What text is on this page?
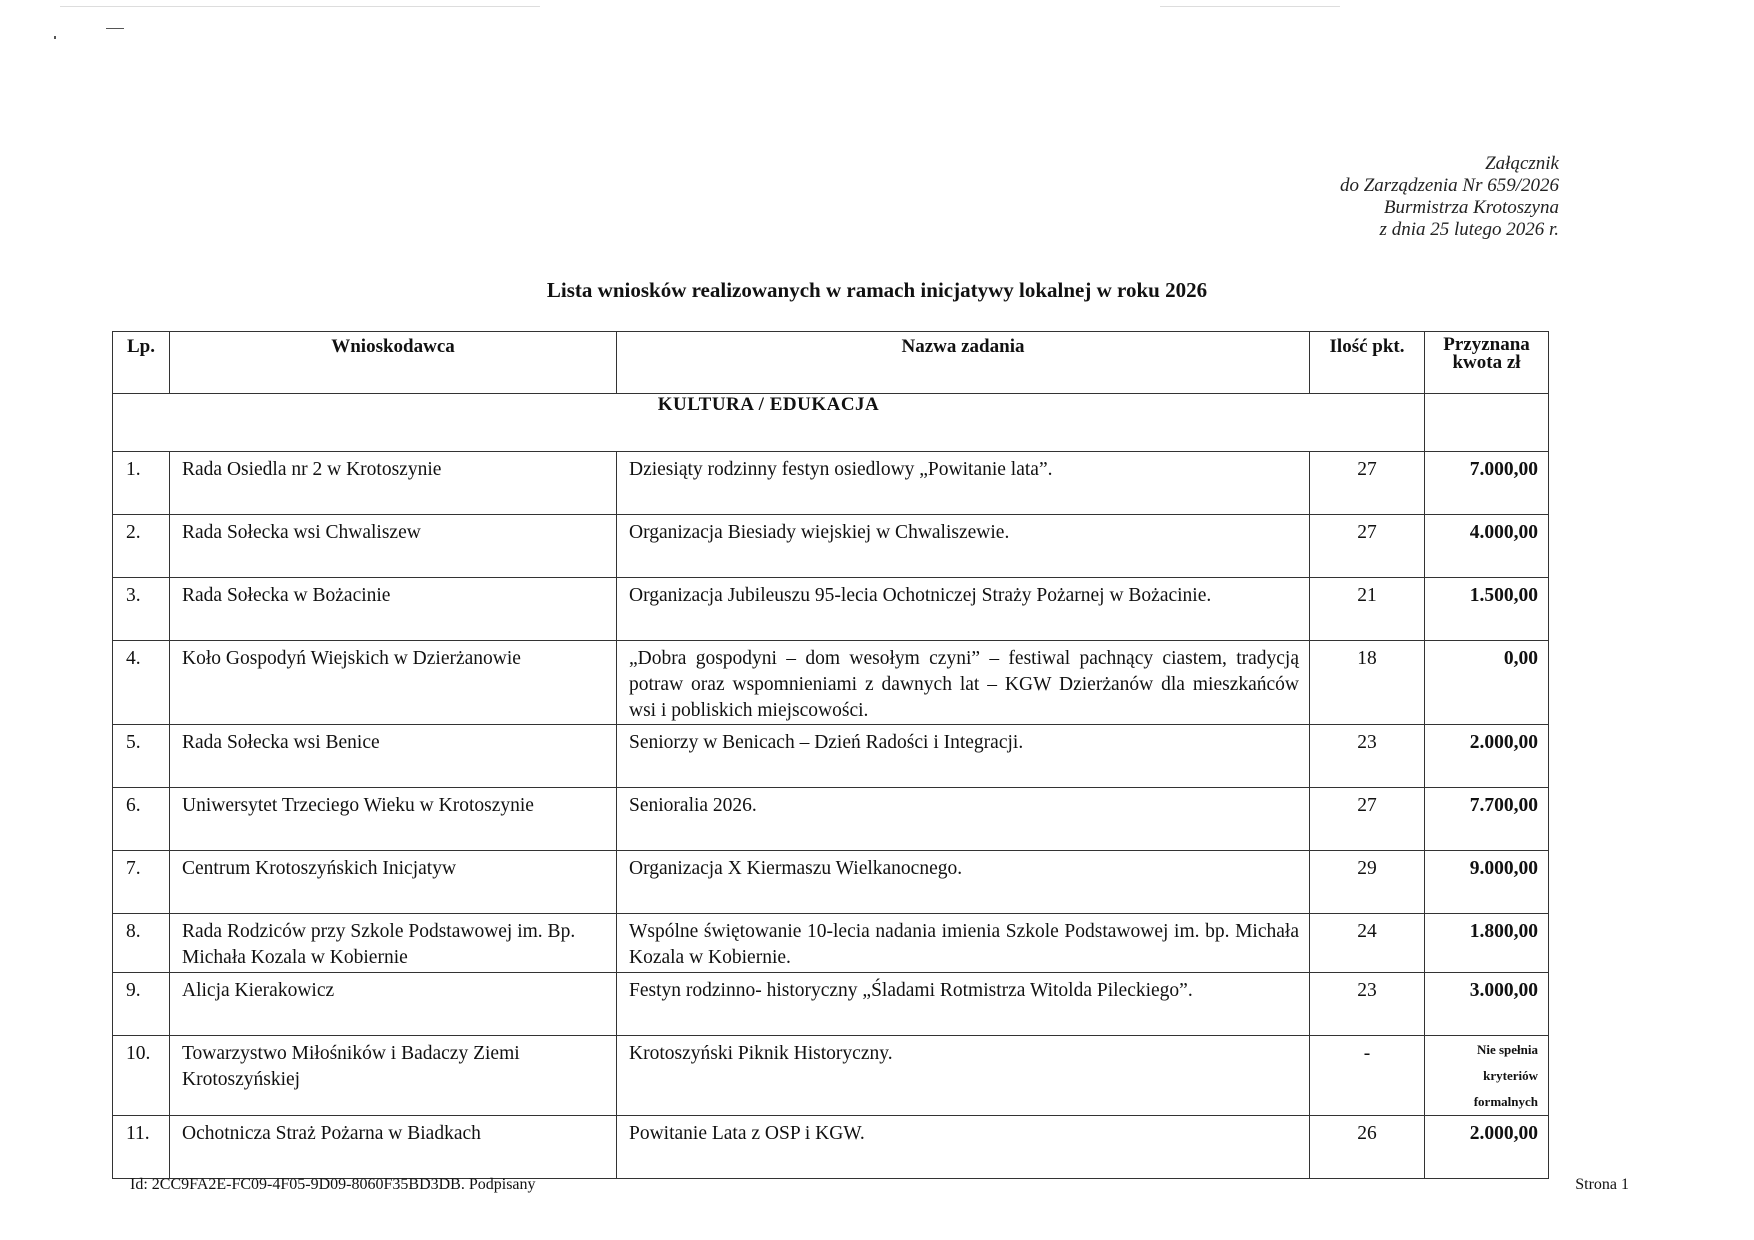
Załącznik
do Zarządzenia Nr 659/2026
Burmistrza Krotoszyna
z dnia 25 lutego 2026 r.
Lista wniosków realizowanych w ramach inicjatywy lokalnej w roku 2026
Lp.	Wnioskodawca	Nazwa zadania	Ilość pkt.	Przyznana kwota zł
KULTURA / EDUKACJA				
1.	Rada Osiedla nr 2 w Krotoszynie	Dziesiąty rodzinny festyn osiedlowy „Powitanie lata”.	27	7.000,00
2.	Rada Sołecka wsi Chwaliszew	Organizacja Biesiady wiejskiej w Chwaliszewie.	27	4.000,00
3.	Rada Sołecka w Bożacinie	Organizacja Jubileuszu 95-lecia Ochotniczej Straży Pożarnej w Bożacinie.	21	1.500,00
4.	Koło Gospodyń Wiejskich w Dzierżanowie	„Dobra gospodyni – dom wesołym czyni” – festiwal pachnący ciastem, tradycją potraw oraz wspomnieniami z dawnych lat – KGW Dzierżanów dla mieszkańców wsi i pobliskich miejscowości.	18	0,00
5.	Rada Sołecka wsi Benice	Seniorzy w Benicach – Dzień Radości i Integracji.	23	2.000,00
6.	Uniwersytet Trzeciego Wieku w Krotoszynie	Senioralia 2026.	27	7.700,00
7.	Centrum Krotoszyńskich Inicjatyw	Organizacja X Kiermaszu Wielkanocnego.	29	9.000,00
8.	Rada Rodziców przy Szkole Podstawowej im. Bp. Michała Kozala w Kobiernie	Wspólne świętowanie 10-lecia nadania imienia Szkole Podstawowej im. bp. Michała Kozala w Kobiernie.	24	1.800,00
9.	Alicja Kierakowicz	Festyn rodzinno- historyczny „Śladami Rotmistrza Witolda Pileckiego”.	23	3.000,00
10.	Towarzystwo Miłośników i Badaczy Ziemi Krotoszyńskiej	Krotoszyński Piknik Historyczny.	-	Nie spełnia kryteriów formalnych
11.	Ochotnicza Straż Pożarna w Biadkach	Powitanie Lata z OSP i KGW.	26	2.000,00
Id: 2CC9FA2E-FC09-4F05-9D09-8060F35BD3DB. Podpisany	Strona 1
